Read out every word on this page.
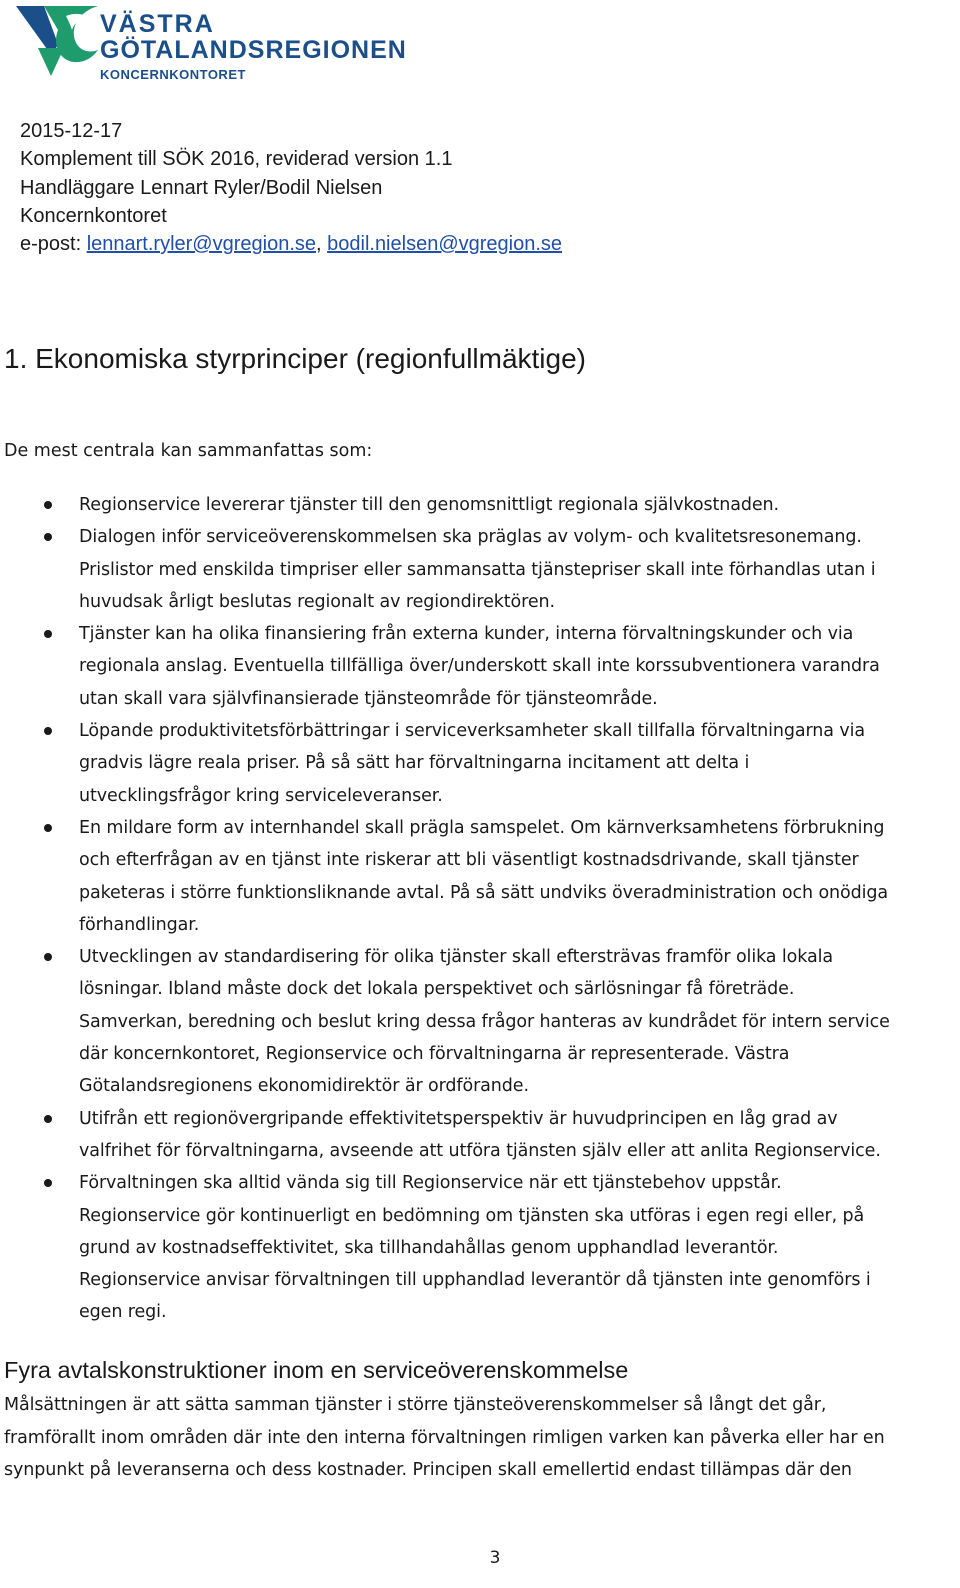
VÄSTRA
GÖTALANDSREGIONEN
KONCERNKONTORET
2015-12-17
Komplement till SÖK 2016, reviderad version 1.1
Handläggare Lennart Ryler/Bodil Nielsen
Koncernkontoret
e-post: lennart.ryler@vgregion.se, bodil.nielsen@vgregion.se
1. Ekonomiska styrprinciper (regionfullmäktige)
De mest centrala kan sammanfattas som:
Regionservice levererar tjänster till den genomsnittligt regionala självkostnaden.
Dialogen inför serviceöverenskommelsen ska präglas av volym- och kvalitetsresonemang.
Prislistor med enskilda timpriser eller sammansatta tjänstepriser skall inte förhandlas utan i
huvudsak årligt beslutas regionalt av regiondirektören.
Tjänster kan ha olika finansiering från externa kunder, interna förvaltningskunder och via
regionala anslag. Eventuella tillfälliga över/underskott skall inte korssubventionera varandra
utan skall vara självfinansierade tjänsteområde för tjänsteområde.
Löpande produktivitetsförbättringar i serviceverksamheter skall tillfalla förvaltningarna via
gradvis lägre reala priser. På så sätt har förvaltningarna incitament att delta i
utvecklingsfrågor kring serviceleveranser.
En mildare form av internhandel skall prägla samspelet. Om kärnverksamhetens förbrukning
och efterfrågan av en tjänst inte riskerar att bli väsentligt kostnadsdrivande, skall tjänster
paketeras i större funktionsliknande avtal. På så sätt undviks överadministration och onödiga
förhandlingar.
Utvecklingen av standardisering för olika tjänster skall eftersträvas framför olika lokala
lösningar. Ibland måste dock det lokala perspektivet och särlösningar få företräde.
Samverkan, beredning och beslut kring dessa frågor hanteras av kundrådet för intern service
där koncernkontoret, Regionservice och förvaltningarna är representerade. Västra
Götalandsregionens ekonomidirektör är ordförande.
Utifrån ett regionövergripande effektivitetsperspektiv är huvudprincipen en låg grad av
valfrihet för förvaltningarna, avseende att utföra tjänsten själv eller att anlita Regionservice.
Förvaltningen ska alltid vända sig till Regionservice när ett tjänstebehov uppstår.
Regionservice gör kontinuerligt en bedömning om tjänsten ska utföras i egen regi eller, på
grund av kostnadseffektivitet, ska tillhandahållas genom upphandlad leverantör.
Regionservice anvisar förvaltningen till upphandlad leverantör då tjänsten inte genomförs i
egen regi.
Fyra avtalskonstruktioner inom en serviceöverenskommelse
Målsättningen är att sätta samman tjänster i större tjänsteöverenskommelser så långt det går,
framförallt inom områden där inte den interna förvaltningen rimligen varken kan påverka eller har en
synpunkt på leveranserna och dess kostnader. Principen skall emellertid endast tillämpas där den
3
